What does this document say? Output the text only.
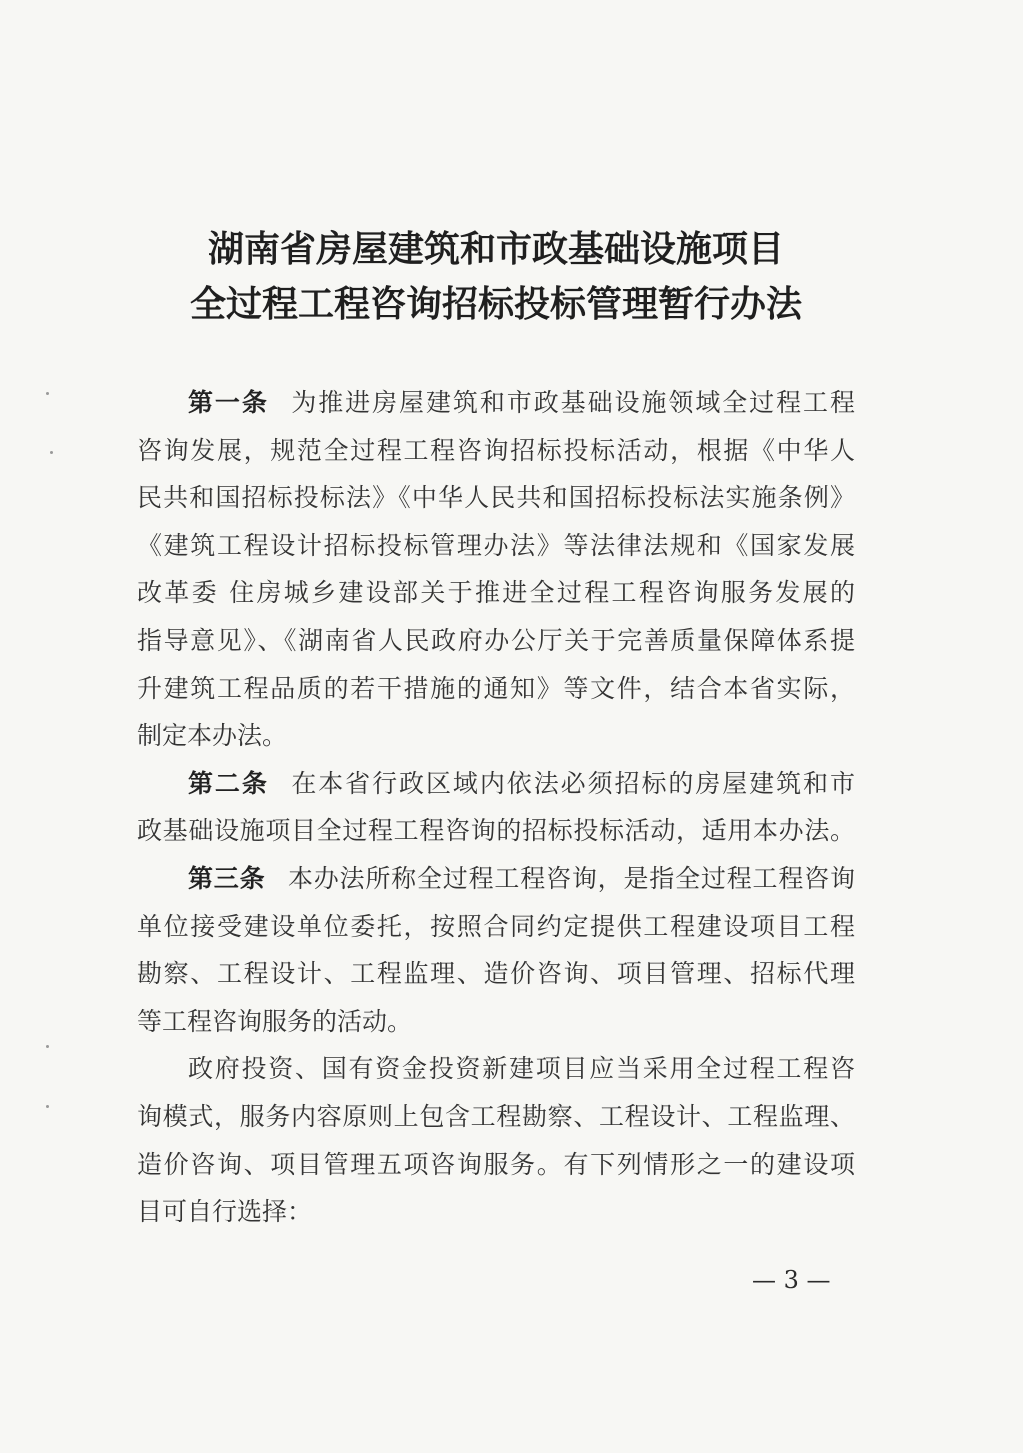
湖南省房屋建筑和市政基础设施项目
全过程工程咨询招标投标管理暂行办法
第一条 为推进房屋建筑和市政基础设施领域全过程工程
咨询发展，规范全过程工程咨询招标投标活动，根据《中华人
民共和国招标投标法》《中华人民共和国招标投标法实施条例》
《建筑工程设计招标投标管理办法》等法律法规和《国家发展
改革委 住房城乡建设部关于推进全过程工程咨询服务发展的
指导意见》、《湖南省人民政府办公厅关于完善质量保障体系提
升建筑工程品质的若干措施的通知》等文件，结合本省实际，
制定本办法。
第二条 在本省行政区域内依法必须招标的房屋建筑和市
政基础设施项目全过程工程咨询的招标投标活动，适用本办法。
第三条 本办法所称全过程工程咨询，是指全过程工程咨询
单位接受建设单位委托，按照合同约定提供工程建设项目工程
勘察、工程设计、工程监理、造价咨询、项目管理、招标代理
等工程咨询服务的活动。
政府投资、国有资金投资新建项目应当采用全过程工程咨
询模式，服务内容原则上包含工程勘察、工程设计、工程监理、
造价咨询、项目管理五项咨询服务。有下列情形之一的建设项
目可自行选择：
— 3 —
